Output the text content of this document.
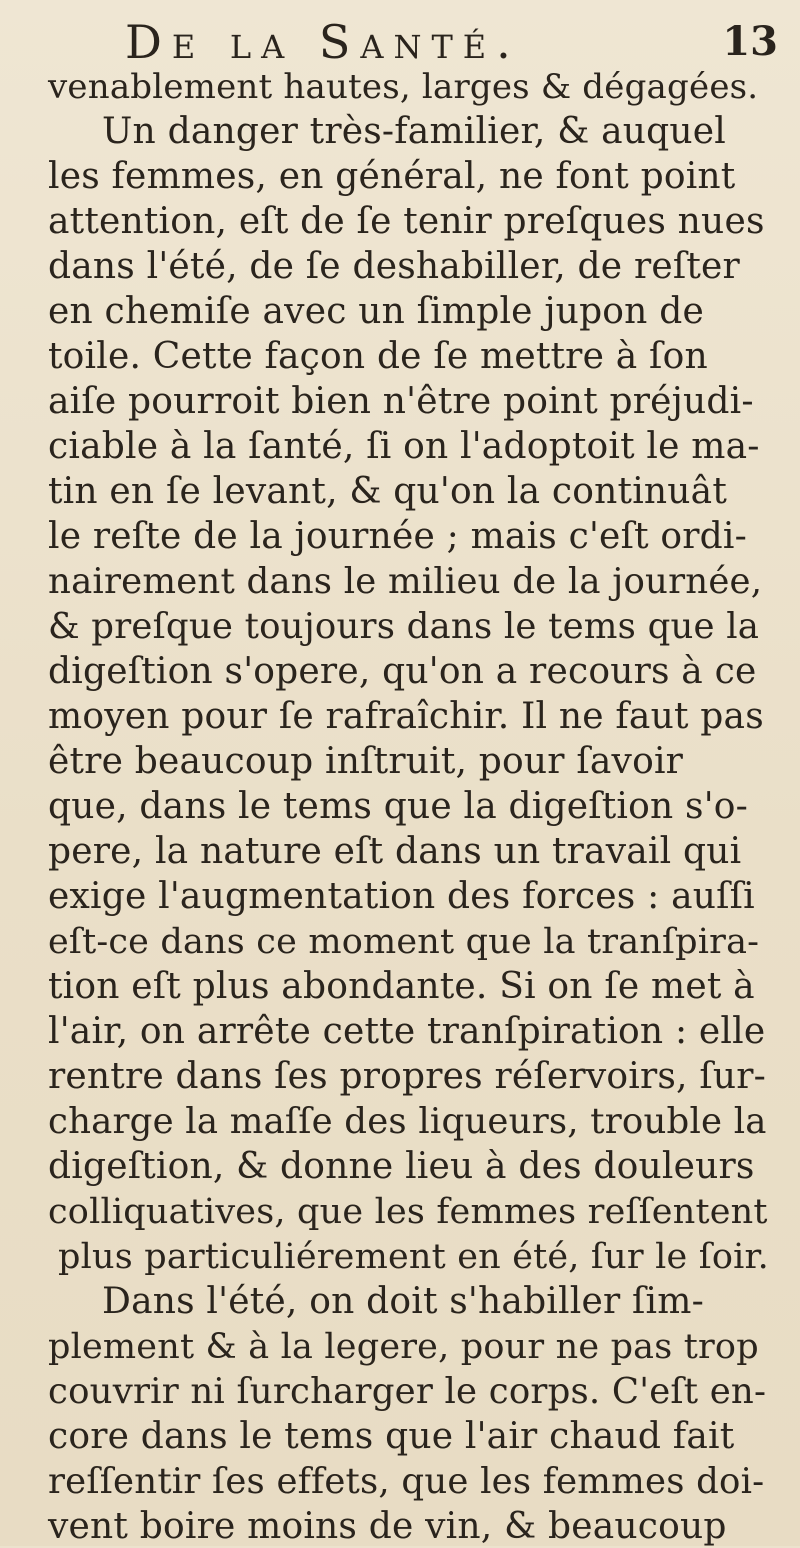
De la Santé.	13
venablement hautes, larges & dégagées.
Un danger très-familier, & auquel
les femmes, en général, ne font point
attention, eſt de ſe tenir preſques nues
dans l'été, de ſe deshabiller, de reſter
en chemiſe avec un ſimple jupon de
toile. Cette façon de ſe mettre à ſon
aiſe pourroit bien n'être point préjudi-
ciable à la ſanté, ſi on l'adoptoit le ma-
tin en ſe levant, & qu'on la continuât
le reſte de la journée ; mais c'eſt ordi-
nairement dans le milieu de la journée,
& preſque toujours dans le tems que la
digeſtion s'opere, qu'on a recours à ce
moyen pour ſe rafraîchir. Il ne faut pas
être beaucoup inſtruit, pour ſavoir
que, dans le tems que la digeſtion s'o-
pere, la nature eſt dans un travail qui
exige l'augmentation des forces : auſſi
eſt-ce dans ce moment que la tranſpira-
tion eſt plus abondante. Si on ſe met à
l'air, on arrête cette tranſpiration : elle
rentre dans ſes propres réſervoirs, ſur-
charge la maſſe des liqueurs, trouble la
digeſtion, & donne lieu à des douleurs
colliquatives, que les femmes reſſentent
plus particuliérement en été, ſur le ſoir.
Dans l'été, on doit s'habiller ſim-
plement & à la legere, pour ne pas trop
couvrir ni ſurcharger le corps. C'eſt en-
core dans le tems que l'air chaud fait
reſſentir ſes effets, que les femmes doi-
vent boire moins de vin, & beaucoup
